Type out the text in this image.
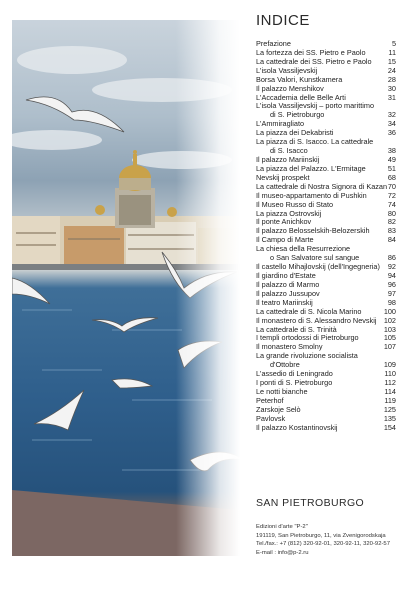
INDICE
Prefazione	5
La fortezza dei SS. Pietro e Paolo	11
La cattedrale dei SS. Pietro e Paolo 15
L'isola Vassiljevskij	24
Borsa Valori, Kunstkamera	28
Il palazzo Menshikov	30
L'Accademia delle Belle Arti	31
L'isola Vassiljevskij – porto marittimo
di S. Pietroburgo	32
L'Ammiragliato	34
La piazza dei Dekabristi	36
La piazza di S. Isacco. La cattedrale
di S. Isacco	38
Il palazzo Mariinskij	49
La piazza del Palazzo. L'Ermitage	51
Nevskij prospekt	68
La cattedrale di Nostra Signora di Kazan 70
Il museo-appartamento di Pushkin	72
Il Museo Russo di Stato	74
La piazza Ostrovskij	80
Il ponte Anichkov	82
Il palazzo Belosselskih-Belozerskih	83
Il Campo di Marte	84
La chiesa della Resurrezione
o San Salvatore sul sangue	86
Il castello Mihajlovskij (dell'Ingegneria) 92
Il giardino d'Estate	94
Il palazzo di Marmo	96
Il palazzo Jussupov	97
Il teatro Mariinskij	98
La cattedrale di S. Nicola Marino	100
Il monastero di S. Alessandro Nevskij 102
La cattedrale di S. Trinità	103
I templi ortodossi di Pietroburgo	105
Il monastero Smolny	107
La grande rivoluzione socialista
d'Ottobre	109
L'assedio di Leningrado	110
I ponti di S. Pietroburgo	112
Le notti bianche	114
Peterhof	119
Zarskoje Selò	125
Pavlovsk	135
Il palazzo Kostantinovskij	154
SAN PIETROBURGO
Edizioni d'arte "P-2"
191119, San Pietroburgo, 11, via Zvenigorodskaja
Tel./fax.: +7 (812) 320-92-01, 320-92-11, 320-92-57
E-mail : info@p-2.ru
